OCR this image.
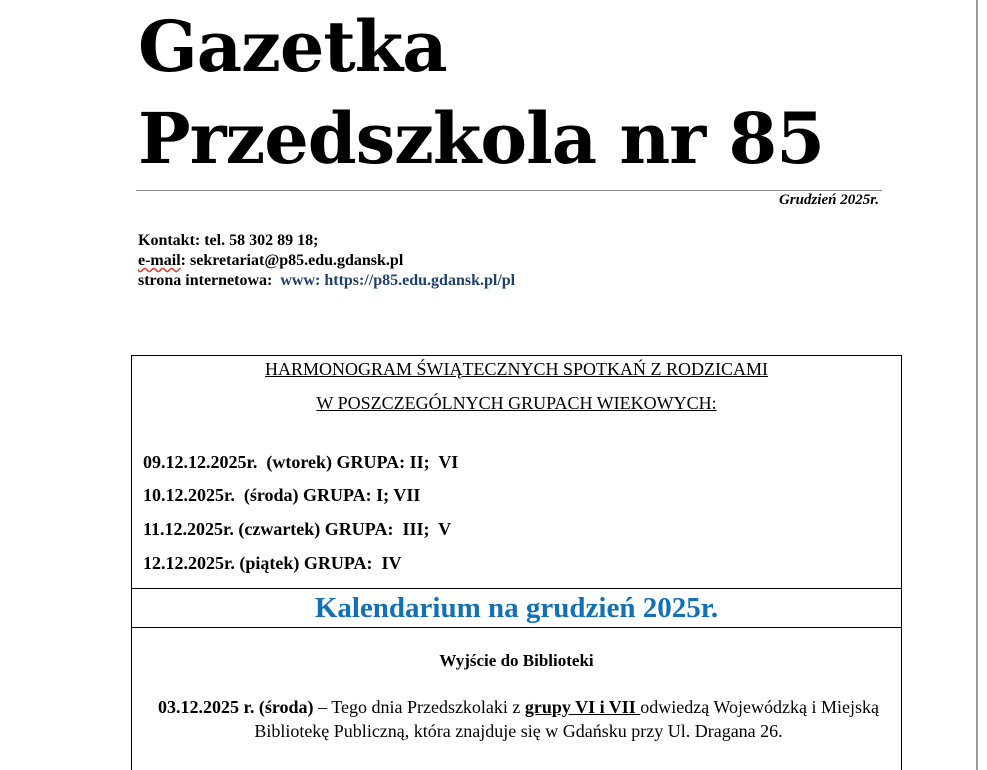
Gazetka
Przedszkola nr 85
Grudzień 2025r.
Kontakt: tel. 58 302 89 18;
e-mail: sekretariat@p85.edu.gdansk.pl
strona internetowa: www: https://p85.edu.gdansk.pl/pl
HARMONOGRAM ŚWIĄTECZNYCH SPOTKAŃ Z RODZICAMI
W POSZCZEGÓLNYCH GRUPACH WIEKOWYCH:
09.12.12.2025r.  (wtorek) GRUPA: II;  VI
10.12.2025r.  (środa) GRUPA: I; VII
11.12.2025r. (czwartek) GRUPA:  III;  V
12.12.2025r. (piątek) GRUPA:  IV
Kalendarium na grudzień 2025r.
Wyjście do Biblioteki
03.12.2025 r. (środa) – Tego dnia Przedszkolaki z grupy VI i VII odwiedzą Wojewódzką i Miejską Bibliotekę Publiczną, która znajduje się w Gdańsku przy Ul. Dragana 26.
